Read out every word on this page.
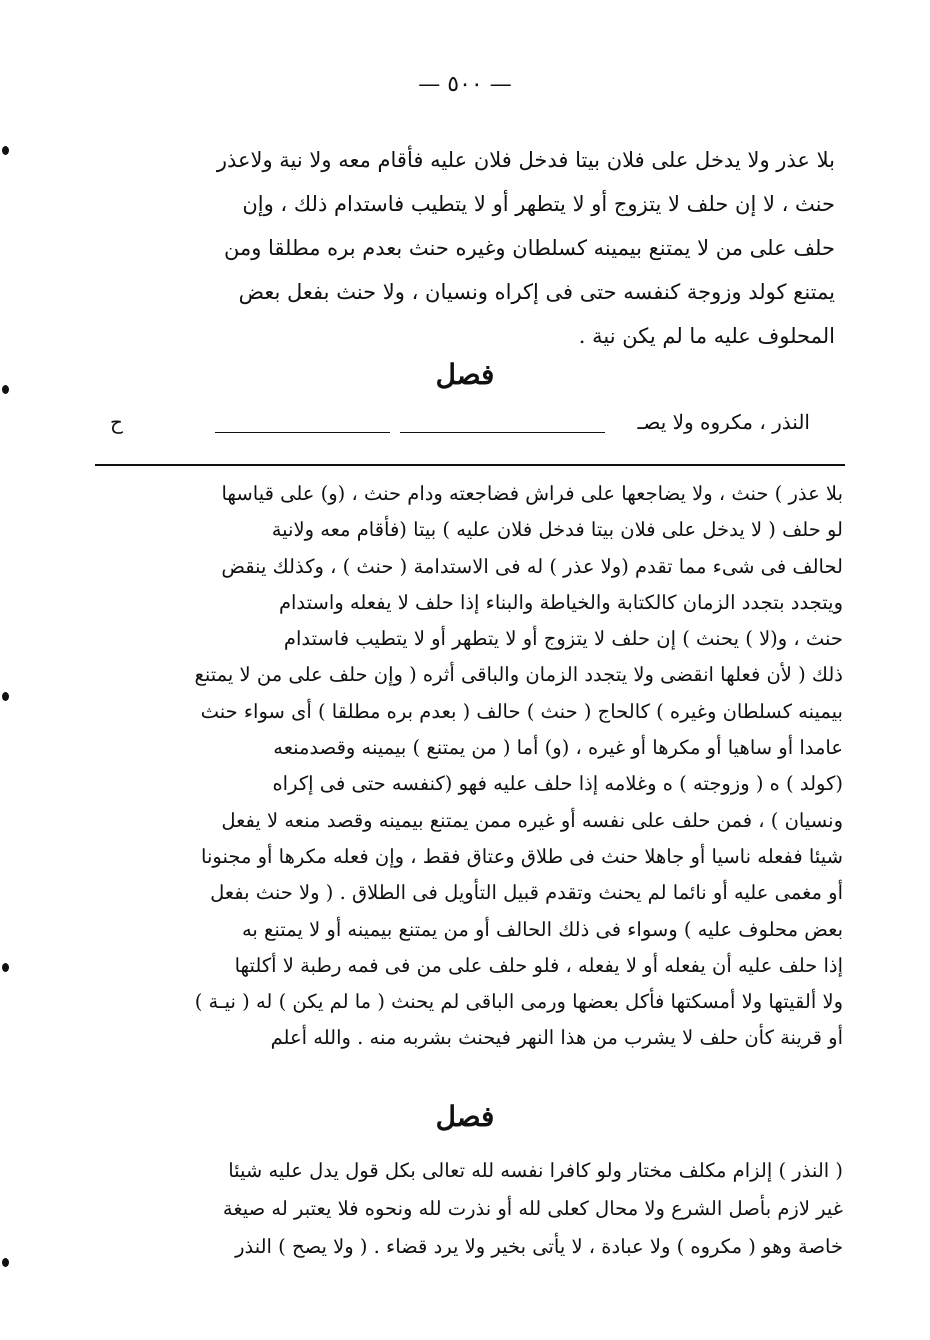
— ٥٠٠ —

بلا عذر ولا يدخل على فلان بيتا فدخل فلان عليه فأقام معه ولا نية ولاعذر

حنث ، لا إن حلف لا يتزوج أو لا يتطهر أو لا يتطيب فاستدام ذلك ، وإن

حلف على من لا يمتنع بيمينه كسلطان وغيره حنث بعدم بره مطلقا ومن

يمتنع كولد وزوجة كنفسه حتى فى إكراه ونسيان ، ولا حنث بفعل بعض

المحلوف عليه ما لم يكن نية .

فصل
النذر ، مكروه ولا يصـ
ح

بلا عذر ) حنث ، ولا يضاجعها على فراش فضاجعته ودام حنث ، (و) على قياسها

لو حلف ( لا يدخل على فلان بيتا فدخل فلان عليه ) بيتا (فأقام معه ولانية

لحالف فى شىء مما تقدم (ولا عذر ) له فى الاستدامة ( حنث ) ، وكذلك ينقض

ويتجدد بتجدد الزمان كالكتابة والخياطة والبناء إذا حلف لا يفعله واستدام

حنث ، و(لا ) يحنث ) إن حلف لا يتزوج أو لا يتطهر أو لا يتطيب فاستدام

ذلك ( لأن فعلها انقضى ولا يتجدد الزمان والباقى أثره ( وإن حلف على من لا يمتنع

بيمينه كسلطان وغيره ) كالحاج ( حنث ) حالف ( بعدم بره مطلقا ) أى سواء حنث

عامدا أو ساهيا أو مكرها أو غيره ، (و) أما ( من يمتنع ) بيمينه وقصدمنعه

(كولد ) ه ( وزوجته ) ه وغلامه إذا حلف عليه فهو (كنفسه حتى فى إكراه

ونسيان ) ، فمن حلف على نفسه أو غيره ممن يمتنع بيمينه وقصد منعه لا يفعل

شيئا ففعله ناسيا أو جاهلا حنث فى طلاق وعتاق فقط ، وإن فعله مكرها أو مجنونا

أو مغمى عليه أو نائما لم يحنث وتقدم قبيل التأويل فى الطلاق . ( ولا حنث بفعل

بعض محلوف عليه ) وسواء فى ذلك الحالف أو من يمتنع بيمينه أو لا يمتنع به

إذا حلف عليه أن يفعله أو لا يفعله ، فلو حلف على من فى فمه رطبة لا أكلتها

ولا ألقيتها ولا أمسكتها فأكل بعضها ورمى الباقى لم يحنث ( ما لم يكن ) له ( نيـة )

أو قرينة كأن حلف لا يشرب من هذا النهر فيحنث بشربه منه . والله أعلم

فصل

( النذر ) إلزام مكلف مختار ولو كافرا نفسه لله تعالى بكل قول يدل عليه شيئا

غير لازم بأصل الشرع ولا محال كعلى لله أو نذرت لله ونحوه فلا يعتبر له صيغة

خاصة وهو ( مكروه ) ولا عبادة ، لا يأتى بخير ولا يرد قضاء . ( ولا يصح ) النذر
